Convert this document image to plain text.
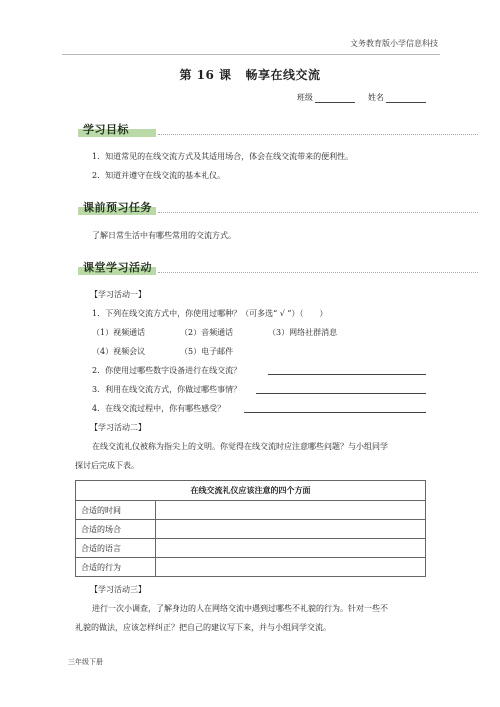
文务教育版小学信息科技
第 16 课 畅享在线交流
班级	姓名
学习目标
1．知道常见的在线交流方式及其适用场合，体会在线交流带来的便利性。
2．知道并遵守在线交流的基本礼仪。
课前预习任务
了解日常生活中有哪些常用的交流方式。
课堂学习活动
【学习活动一】
1．下列在线交流方式中，你使用过哪种？（可多选“ √ ”）（　　）
（1）视频通话	（2）音频通话	（3）网络社群消息
（4）视频会议	（5）电子邮件
2．你使用过哪些数字设备进行在线交流？
3．利用在线交流方式，你做过哪些事情？
4．在线交流过程中，你有哪些感受？
【学习活动二】
在线交流礼仪被称为指尖上的文明。你觉得在线交流时应注意哪些问题？与小组同学
探讨后完成下表。
在线交流礼仪应该注意的四个方面	
合适的时间	
合适的场合	
合适的语言	
合适的行为	
【学习活动三】
进行一次小调查，了解身边的人在网络交流中遇到过哪些不礼貌的行为。针对一些不
礼貌的做法，应该怎样纠正？把自己的建议写下来，并与小组同学交流。
三年级下册
